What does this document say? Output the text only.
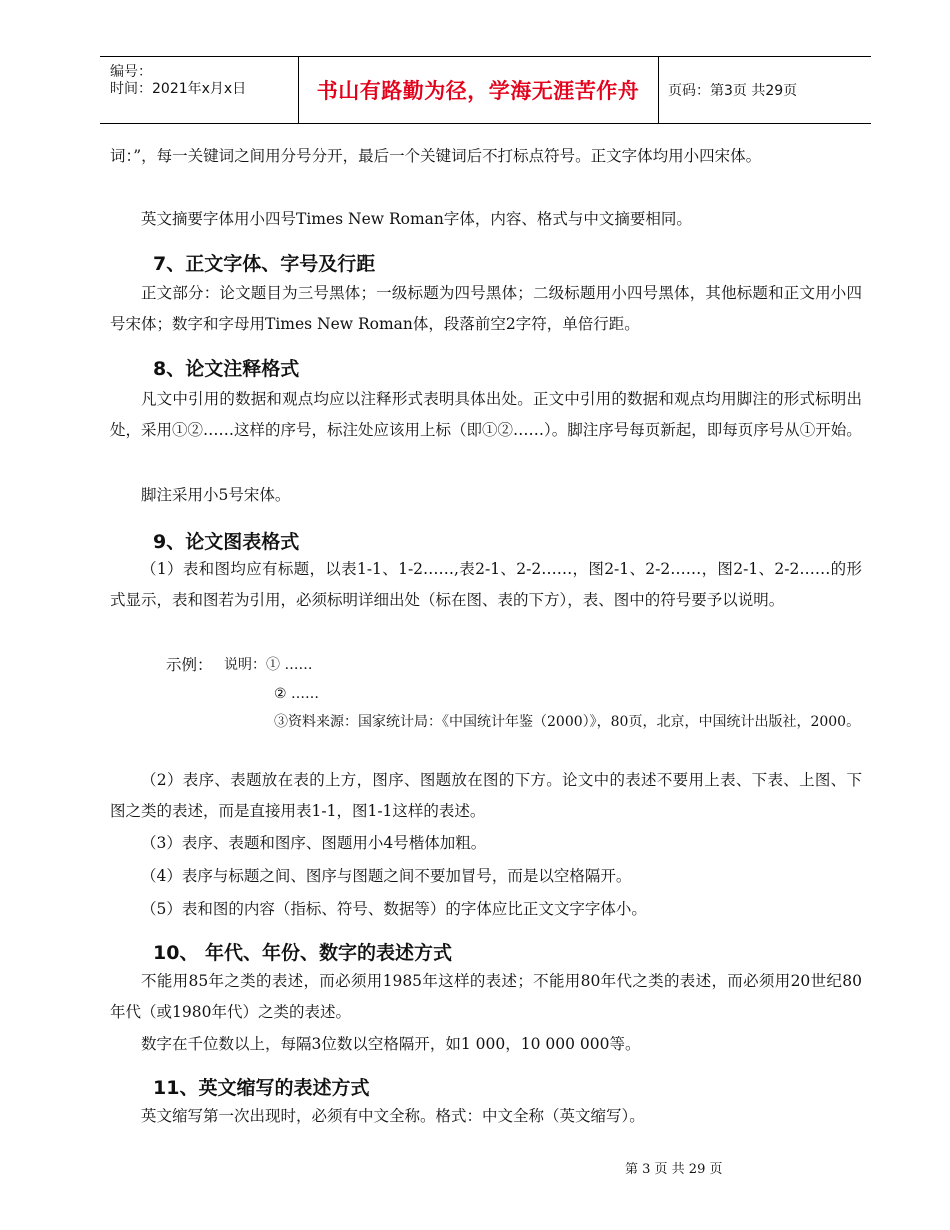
编号：
时间：2021年x月x日	书山有路勤为径，学海无涯苦作舟 页码：第3页 共29页
词：”，每一关键词之间用分号分开，最后一个关键词后不打标点符号。正文字体均用小四宋体。
英文摘要字体用小四号Times New Roman字体，内容、格式与中文摘要相同。
7、正文字体、字号及行距
正文部分：论文题目为三号黑体；一级标题为四号黑体；二级标题用小四号黑体，其他标题和正文用小四号宋体；数字和字母用Times New Roman体，段落前空2字符，单倍行距。
8、论文注释格式
凡文中引用的数据和观点均应以注释形式表明具体出处。正文中引用的数据和观点均用脚注的形式标明出处，采用①②……这样的序号，标注处应该用上标（即①②……）。脚注序号每页新起，即每页序号从①开始。
脚注采用小5号宋体。
9、论文图表格式
（1）表和图均应有标题，以表1-1、1-2……,表2-1、2-2……，图2-1、2-2……，图2-1、2-2……的形式显示，表和图若为引用，必须标明详细出处（标在图、表的下方），表、图中的符号要予以说明。
示例： 说明：① ……
② ……
③资料来源：国家统计局：《中国统计年鉴（2000）》，80页，北京，中国统计出版社，2000。
（2）表序、表题放在表的上方，图序、图题放在图的下方。论文中的表述不要用上表、下表、上图、下图之类的表述，而是直接用表1-1，图1-1这样的表述。
（3）表序、表题和图序、图题用小4号楷体加粗。
（4）表序与标题之间、图序与图题之间不要加冒号，而是以空格隔开。
（5）表和图的内容（指标、符号、数据等）的字体应比正文文字字体小。
10、 年代、年份、数字的表述方式
不能用85年之类的表述，而必须用1985年这样的表述；不能用80年代之类的表述，而必须用20世纪80年代（或1980年代）之类的表述。
数字在千位数以上，每隔3位数以空格隔开，如1 000，10 000 000等。
11、英文缩写的表述方式
英文缩写第一次出现时，必须有中文全称。格式：中文全称（英文缩写）。
第 3 页 共 29 页
